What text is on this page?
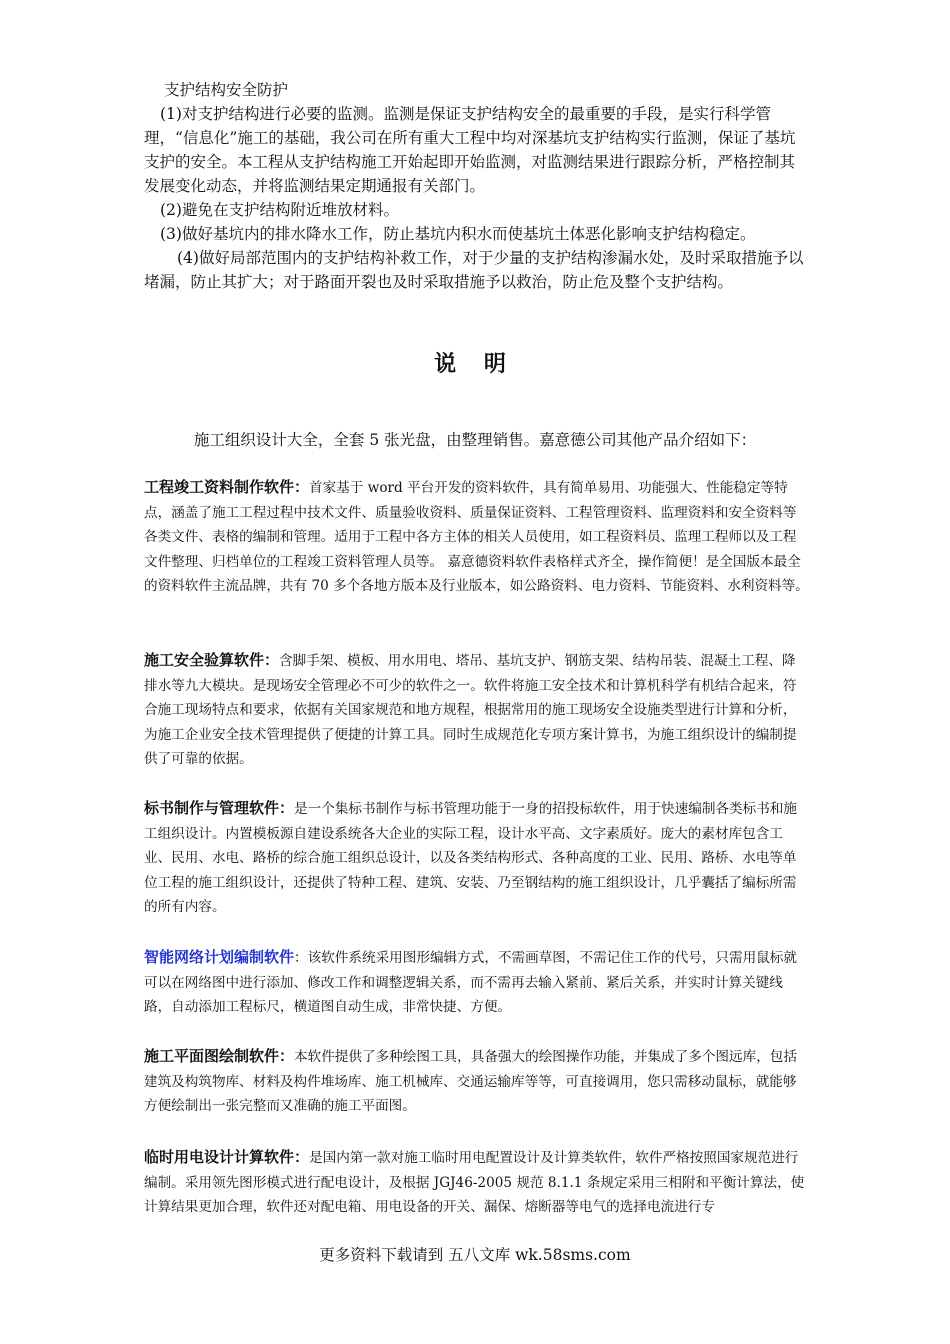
支护结构安全防护

(1)对支护结构进行必要的监测。监测是保证支护结构安全的最重要的手段，是实行科学管理，“信息化”施工的基础，我公司在所有重大工程中均对深基坑支护结构实行监测，保证了基坑支护的安全。本工程从支护结构施工开始起即开始监测，对监测结果进行跟踪分析，严格控制其发展变化动态，并将监测结果定期通报有关部门。

(2)避免在支护结构附近堆放材料。

(3)做好基坑内的排水降水工作，防止基坑内积水而使基坑土体恶化影响支护结构稳定。

(4)做好局部范围内的支护结构补救工作，对于少量的支护结构渗漏水处，及时采取措施予以堵漏，防止其扩大；对于路面开裂也及时采取措施予以救治，防止危及整个支护结构。

说 明
施工组织设计大全，全套 5 张光盘，由整理销售。嘉意德公司其他产品介绍如下：

工程竣工资料制作软件：首家基于 word 平台开发的资料软件，具有简单易用、功能强大、性能稳定等特点，涵盖了施工工程过程中技术文件、质量验收资料、质量保证资料、工程管理资料、监理资料和安全资料等各类文件、表格的编制和管理。适用于工程中各方主体的相关人员使用，如工程资料员、监理工程师以及工程文件整理、归档单位的工程竣工资料管理人员等。 嘉意德资料软件表格样式齐全，操作简便！是全国版本最全的资料软件主流品牌，共有 70 多个各地方版本及行业版本，如公路资料、电力资料、节能资料、水利资料等。

施工安全验算软件：含脚手架、模板、用水用电、塔吊、基坑支护、钢筋支架、结构吊装、混凝土工程、降排水等九大模块。是现场安全管理必不可少的软件之一。软件将施工安全技术和计算机科学有机结合起来，符合施工现场特点和要求，依据有关国家规范和地方规程，根据常用的施工现场安全设施类型进行计算和分析，为施工企业安全技术管理提供了便捷的计算工具。同时生成规范化专项方案计算书，为施工组织设计的编制提供了可靠的依据。

标书制作与管理软件：是一个集标书制作与标书管理功能于一身的招投标软件，用于快速编制各类标书和施工组织设计。内置模板源自建设系统各大企业的实际工程，设计水平高、文字素质好。庞大的素材库包含工业、民用、水电、路桥的综合施工组织总设计，以及各类结构形式、各种高度的工业、民用、路桥、水电等单位工程的施工组织设计，还提供了特种工程、建筑、安装、乃至钢结构的施工组织设计，几乎囊括了编标所需的所有内容。

智能网络计划编制软件：该软件系统采用图形编辑方式，不需画草图，不需记住工作的代号，只需用鼠标就可以在网络图中进行添加、修改工作和调整逻辑关系，而不需再去输入紧前、紧后关系，并实时计算关键线路，自动添加工程标尺，横道图自动生成，非常快捷、方便。

施工平面图绘制软件：本软件提供了多种绘图工具，具备强大的绘图操作功能，并集成了多个图远库，包括建筑及构筑物库、材料及构件堆场库、施工机械库、交通运输库等等，可直接调用，您只需移动鼠标，就能够方便绘制出一张完整而又准确的施工平面图。

临时用电设计计算软件：是国内第一款对施工临时用电配置设计及计算类软件，软件严格按照国家规范进行编制。采用领先图形模式进行配电设计，及根据 JGJ46-2005 规范 8.1.1 条规定采用三相附和平衡计算法，使计算结果更加合理，软件还对配电箱、用电设备的开关、漏保、熔断器等电气的选择电流进行专

更多资料下载请到 五八文库 wk.58sms.com
